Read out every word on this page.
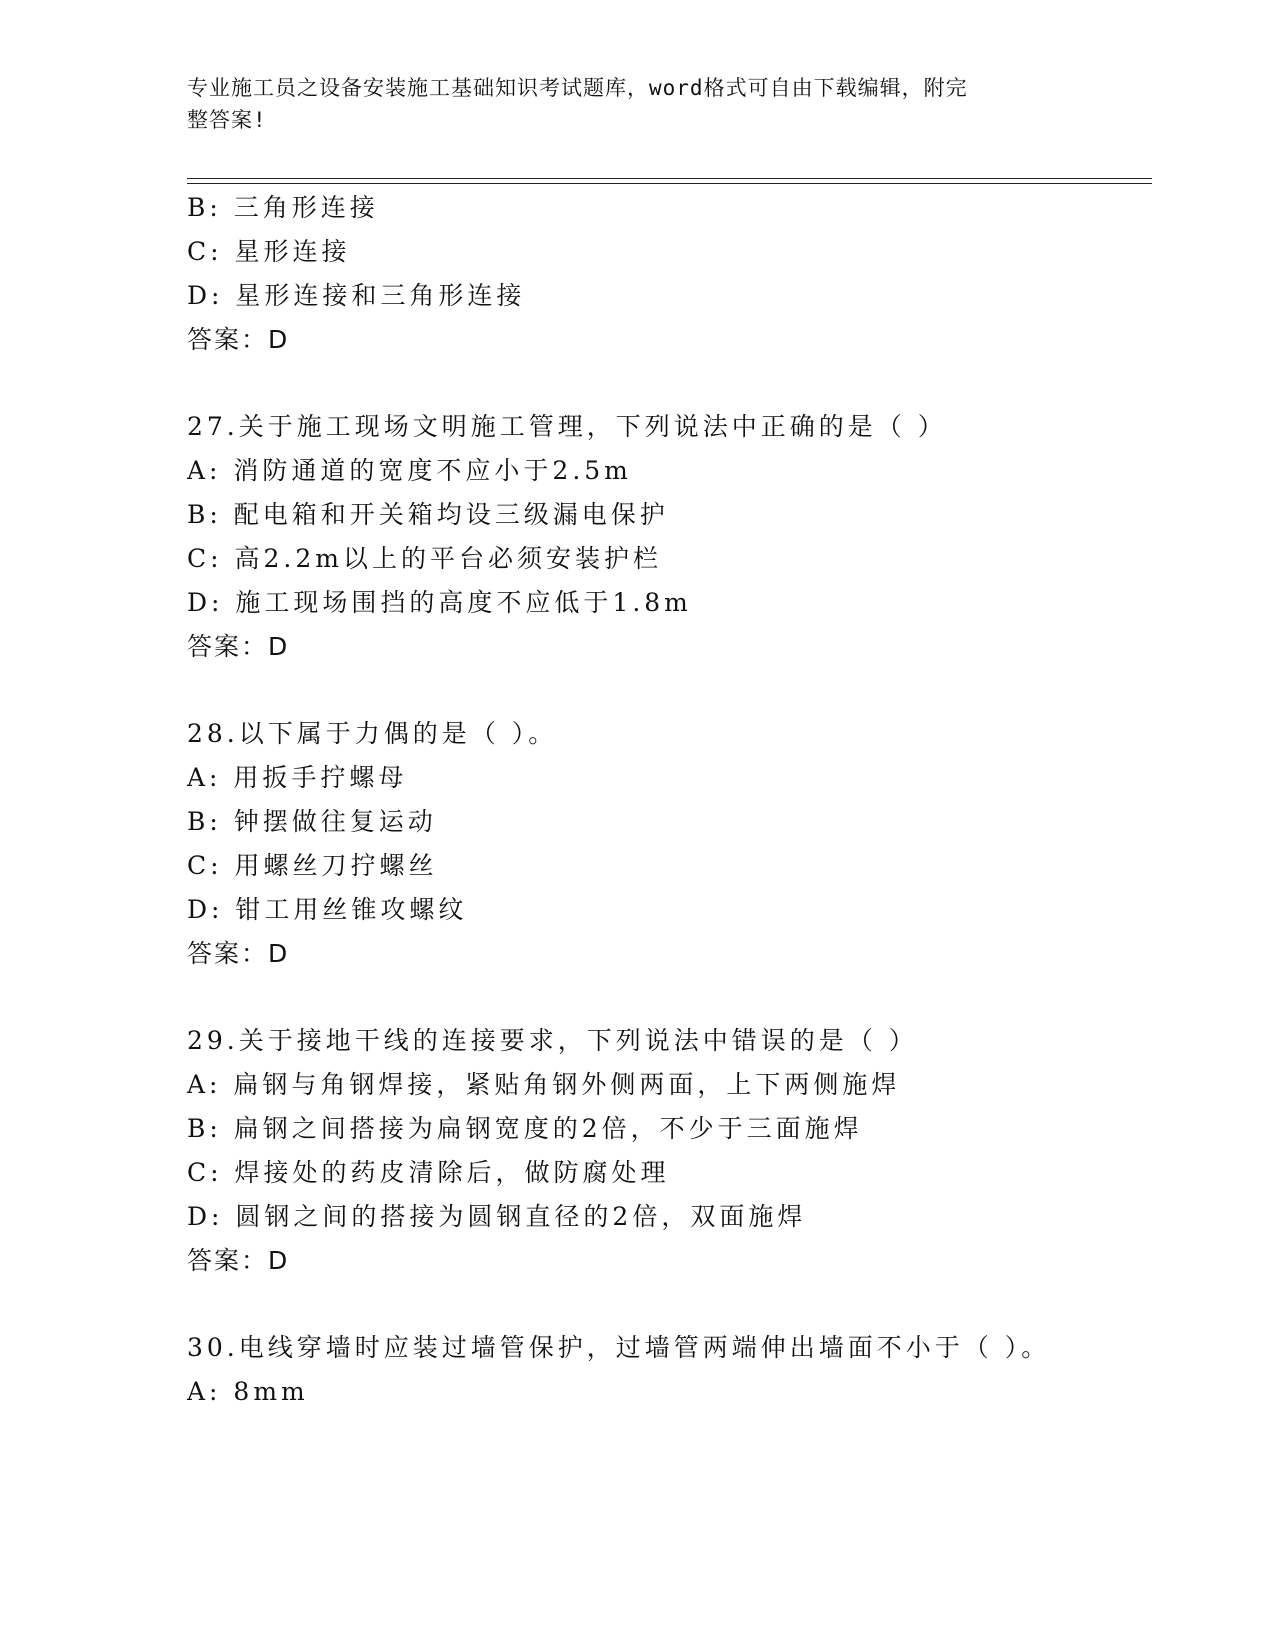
专业施工员之设备安装施工基础知识考试题库，word格式可自由下载编辑，附完
整答案!
B: 三角形连接
C: 星形连接
D: 星形连接和三角形连接
答案：D
27.关于施工现场文明施工管理，下列说法中正确的是（ ）
A: 消防通道的宽度不应小于2.5m
B: 配电箱和开关箱均设三级漏电保护
C: 高2.2m以上的平台必须安装护栏
D: 施工现场围挡的高度不应低于1.8m
答案：D
28.以下属于力偶的是（ ）。
A: 用扳手拧螺母
B: 钟摆做往复运动
C: 用螺丝刀拧螺丝
D: 钳工用丝锥攻螺纹
答案：D
29.关于接地干线的连接要求，下列说法中错误的是（ ）
A: 扁钢与角钢焊接，紧贴角钢外侧两面，上下两侧施焊
B: 扁钢之间搭接为扁钢宽度的2倍，不少于三面施焊
C: 焊接处的药皮清除后，做防腐处理
D: 圆钢之间的搭接为圆钢直径的2倍，双面施焊
答案：D
30.电线穿墙时应装过墙管保护，过墙管两端伸出墙面不小于（ ）。
A: 8mm
